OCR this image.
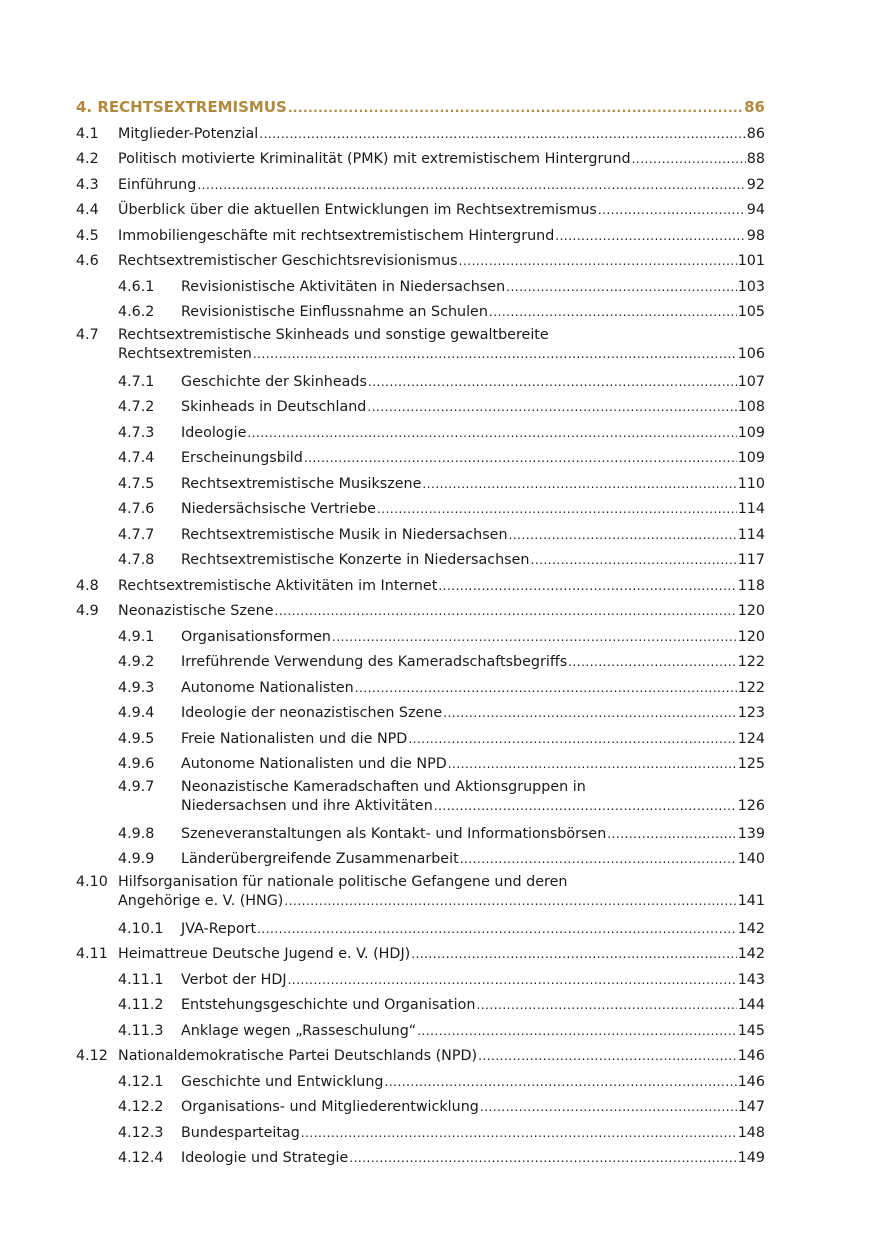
4. RECHTSEXTREMISMUS .....	86
4.1	Mitglieder-Potenzial .....	86
4.2	Politisch motivierte Kriminalität (PMK) mit extremistischem Hintergrund .....	88
4.3	Einführung .....	92
4.4	Überblick über die aktuellen Entwicklungen im Rechtsextremismus .....	94
4.5	Immobiliengeschäfte mit rechtsextremistischem Hintergrund .....	98
4.6	Rechtsextremistischer Geschichtsrevisionismus .....	101
4.6.1	Revisionistische Aktivitäten in Niedersachsen .....	103
4.6.2	Revisionistische Einflussnahme an Schulen .....	105
4.7	Rechtsextremistische Skinheads und sonstige gewaltbereite
Rechtsextremisten .....	106
4.7.1	Geschichte der Skinheads .....	107
4.7.2	Skinheads in Deutschland .....	108
4.7.3	Ideologie .....	109
4.7.4	Erscheinungsbild .....	109
4.7.5	Rechtsextremistische Musikszene .....	110
4.7.6	Niedersächsische Vertriebe .....	114
4.7.7	Rechtsextremistische Musik in Niedersachsen .....	114
4.7.8	Rechtsextremistische Konzerte in Niedersachsen .....	117
4.8	Rechtsextremistische Aktivitäten im Internet .....	118
4.9	Neonazistische Szene .....	120
4.9.1	Organisationsformen .....	120
4.9.2	Irreführende Verwendung des Kameradschaftsbegriffs .....	122
4.9.3	Autonome Nationalisten .....	122
4.9.4	Ideologie der neonazistischen Szene .....	123
4.9.5	Freie Nationalisten und die NPD .....	124
4.9.6	Autonome Nationalisten und die NPD .....	125
4.9.7	Neonazistische Kameradschaften und Aktionsgruppen in
Niedersachsen und ihre Aktivitäten .....	126
4.9.8	Szeneveranstaltungen als Kontakt- und Informationsbörsen .....	139
4.9.9	Länderübergreifende Zusammenarbeit .....	140
4.10 Hilfsorganisation für nationale politische Gefangene und deren
Angehörige e. V. (HNG) .....	141
4.10.1	JVA-Report .....	142
4.11 Heimattreue Deutsche Jugend e. V. (HDJ) .....	142
4.11.1	Verbot der HDJ .....	143
4.11.2	Entstehungsgeschichte und Organisation .....	144
4.11.3	Anklage wegen „Rasseschulung“ .....	145
4.12 Nationaldemokratische Partei Deutschlands (NPD) .....	146
4.12.1	Geschichte und Entwicklung .....	146
4.12.2	Organisations- und Mitgliederentwicklung .....	147
4.12.3	Bundesparteitag .....	148
4.12.4	Ideologie und Strategie .....	149
